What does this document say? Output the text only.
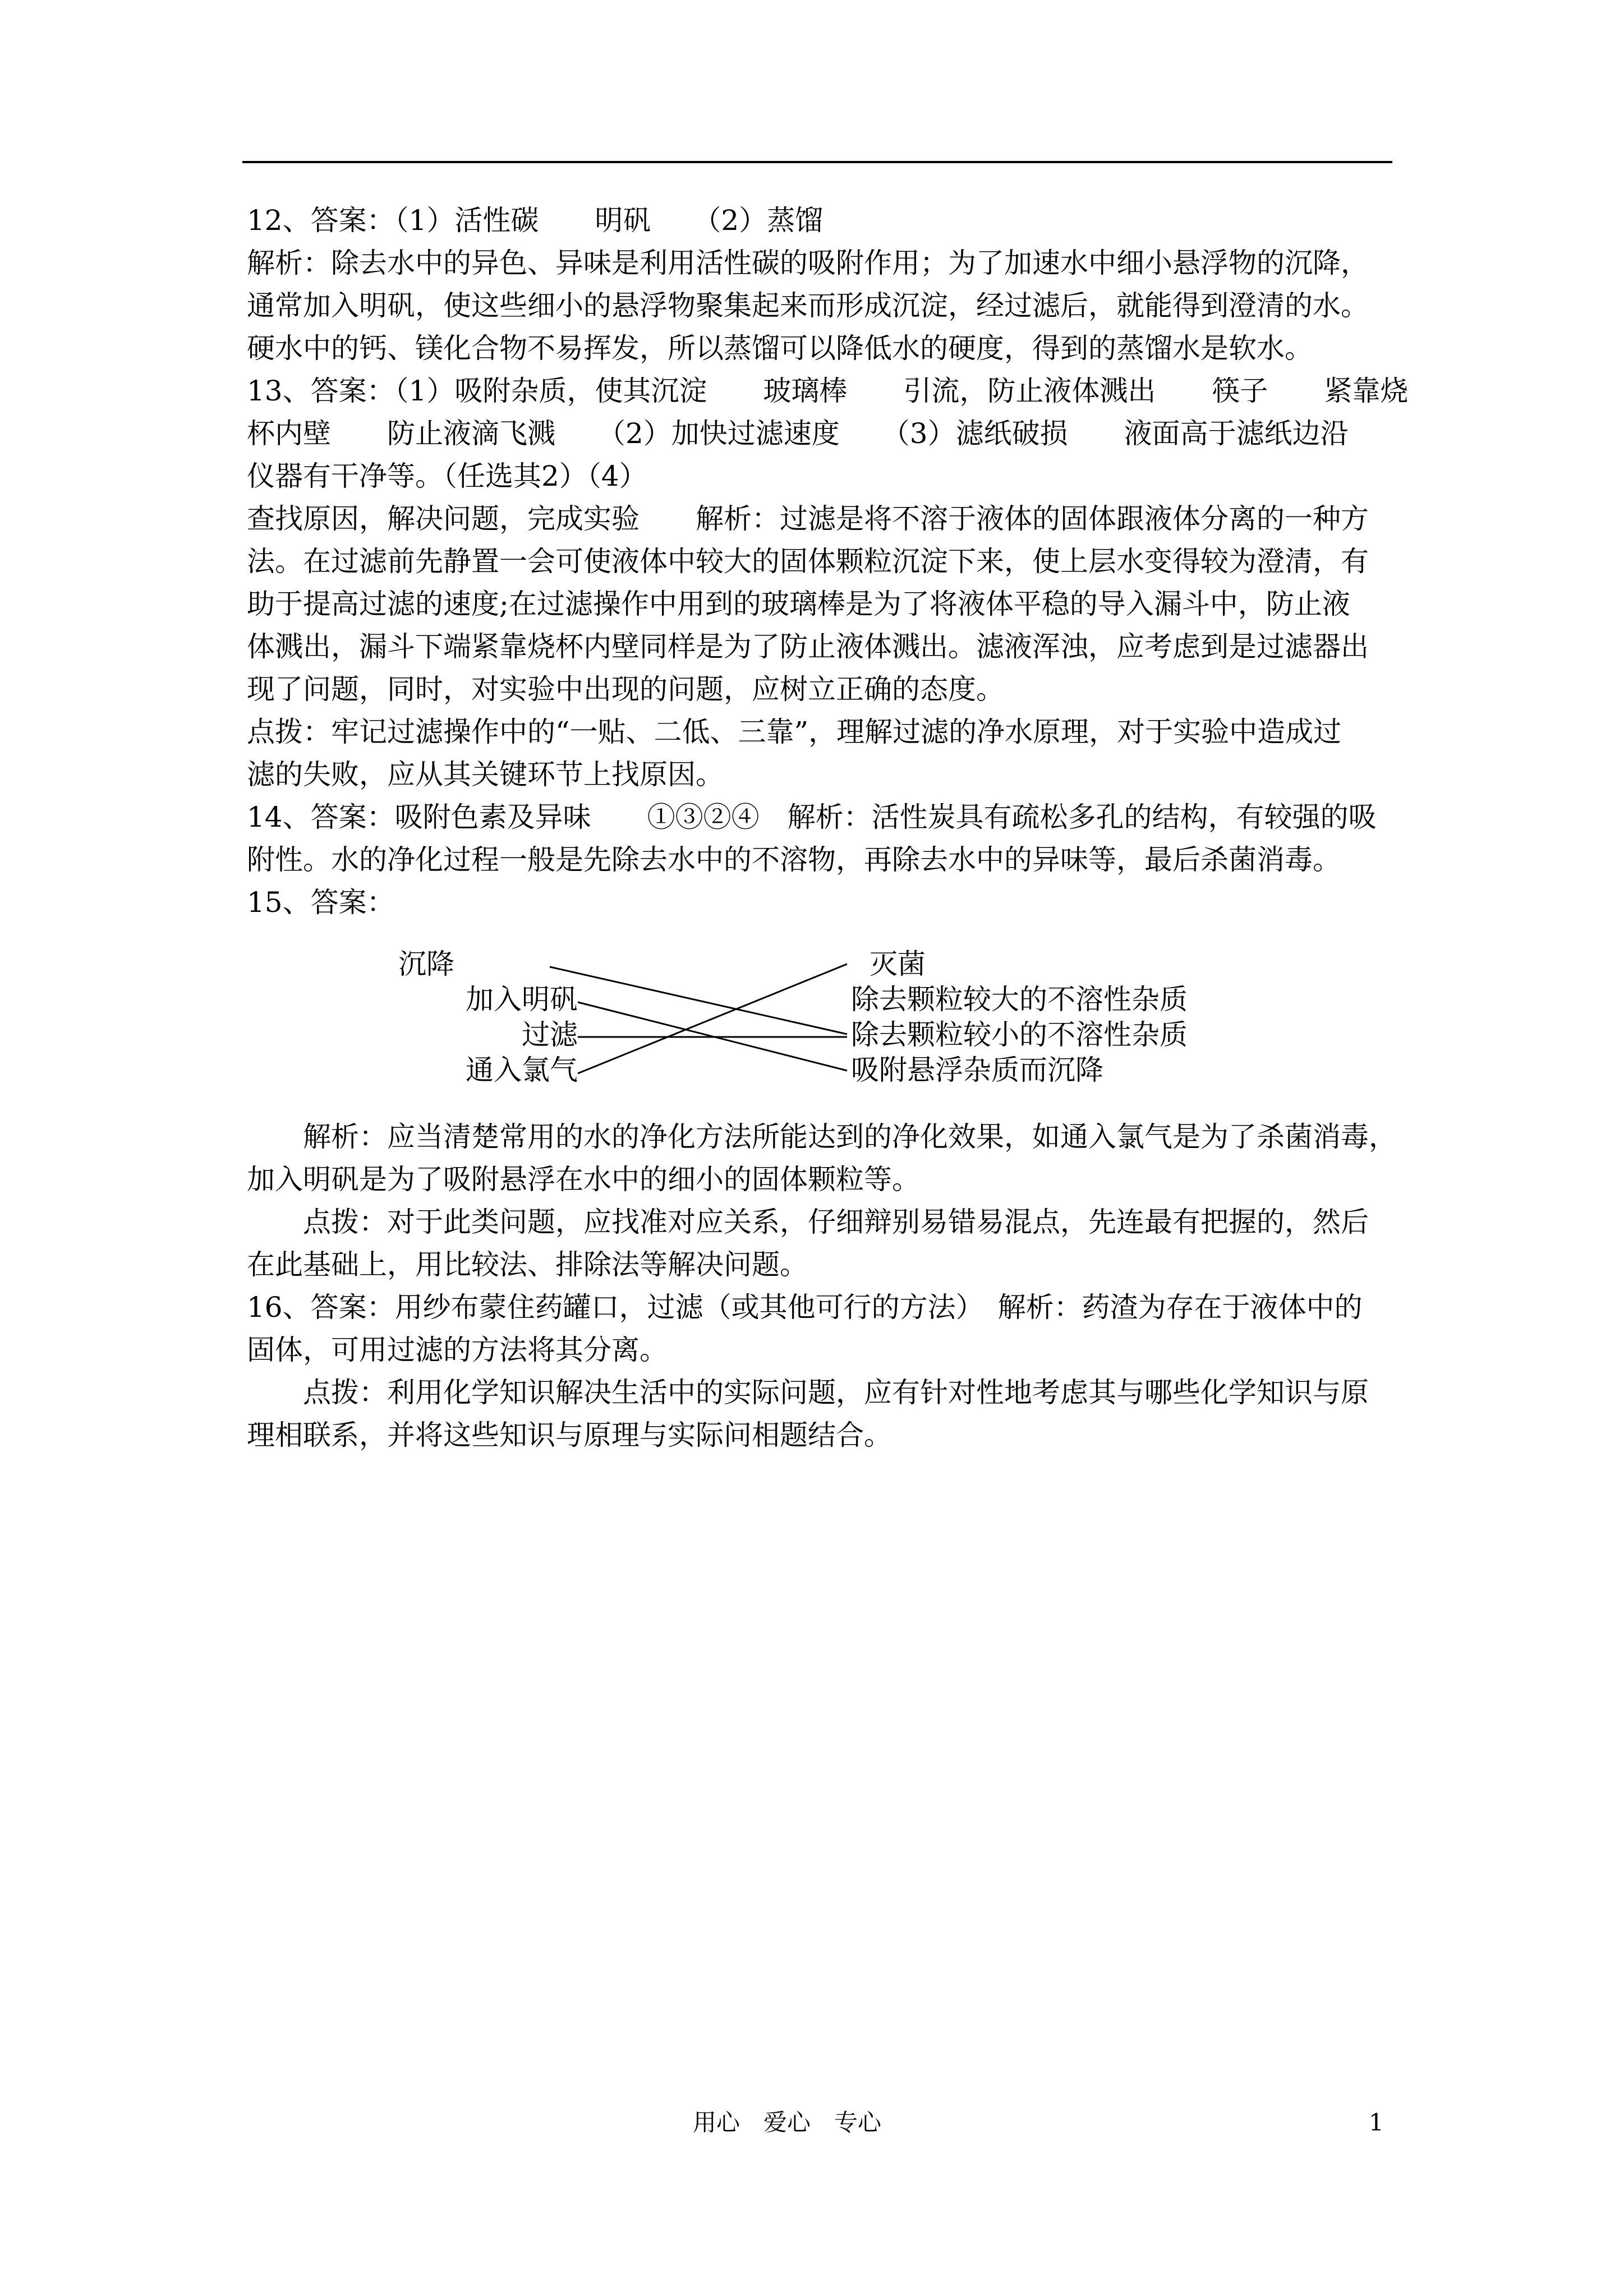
12、答案：（1）活性碳　　明矾　　（2）蒸馏
解析：除去水中的异色、异味是利用活性碳的吸附作用；为了加速水中细小悬浮物的沉降，
通常加入明矾，使这些细小的悬浮物聚集起来而形成沉淀，经过滤后，就能得到澄清的水。
硬水中的钙、镁化合物不易挥发，所以蒸馏可以降低水的硬度，得到的蒸馏水是软水。
13、答案：（1）吸附杂质，使其沉淀　　玻璃棒　　引流，防止液体溅出　　筷子　　紧靠烧
杯内壁　　防止液滴飞溅　　（2）加快过滤速度　　（3）滤纸破损　　液面高于滤纸边沿
仪器有干净等。（任选其2）（4）
查找原因，解决问题，完成实验　　解析：过滤是将不溶于液体的固体跟液体分离的一种方
法。在过滤前先静置一会可使液体中较大的固体颗粒沉淀下来，使上层水变得较为澄清，有
助于提高过滤的速度;在过滤操作中用到的玻璃棒是为了将液体平稳的导入漏斗中，防止液
体溅出，漏斗下端紧靠烧杯内壁同样是为了防止液体溅出。滤液浑浊，应考虑到是过滤器出
现了问题，同时，对实验中出现的问题，应树立正确的态度。
点拨：牢记过滤操作中的“一贴、二低、三靠”，理解过滤的净水原理，对于实验中造成过
滤的失败，应从其关键环节上找原因。
14、答案：吸附色素及异味　　①③②④　解析：活性炭具有疏松多孔的结构，有较强的吸
附性。水的净化过程一般是先除去水中的不溶物，再除去水中的异味等，最后杀菌消毒。
15、答案：
沉降
加入明矾
过滤
通入氯气
灭菌
除去颗粒较大的不溶性杂质
除去颗粒较小的不溶性杂质
吸附悬浮杂质而沉降
解析：应当清楚常用的水的净化方法所能达到的净化效果，如通入氯气是为了杀菌消毒，
加入明矾是为了吸附悬浮在水中的细小的固体颗粒等。
点拨：对于此类问题，应找准对应关系，仔细辩别易错易混点，先连最有把握的，然后
在此基础上，用比较法、排除法等解决问题。
16、答案：用纱布蒙住药罐口，过滤（或其他可行的方法）　解析：药渣为存在于液体中的
固体，可用过滤的方法将其分离。
点拨：利用化学知识解决生活中的实际问题，应有针对性地考虑其与哪些化学知识与原
理相联系，并将这些知识与原理与实际问相题结合。
用心　爱心　专心	1
